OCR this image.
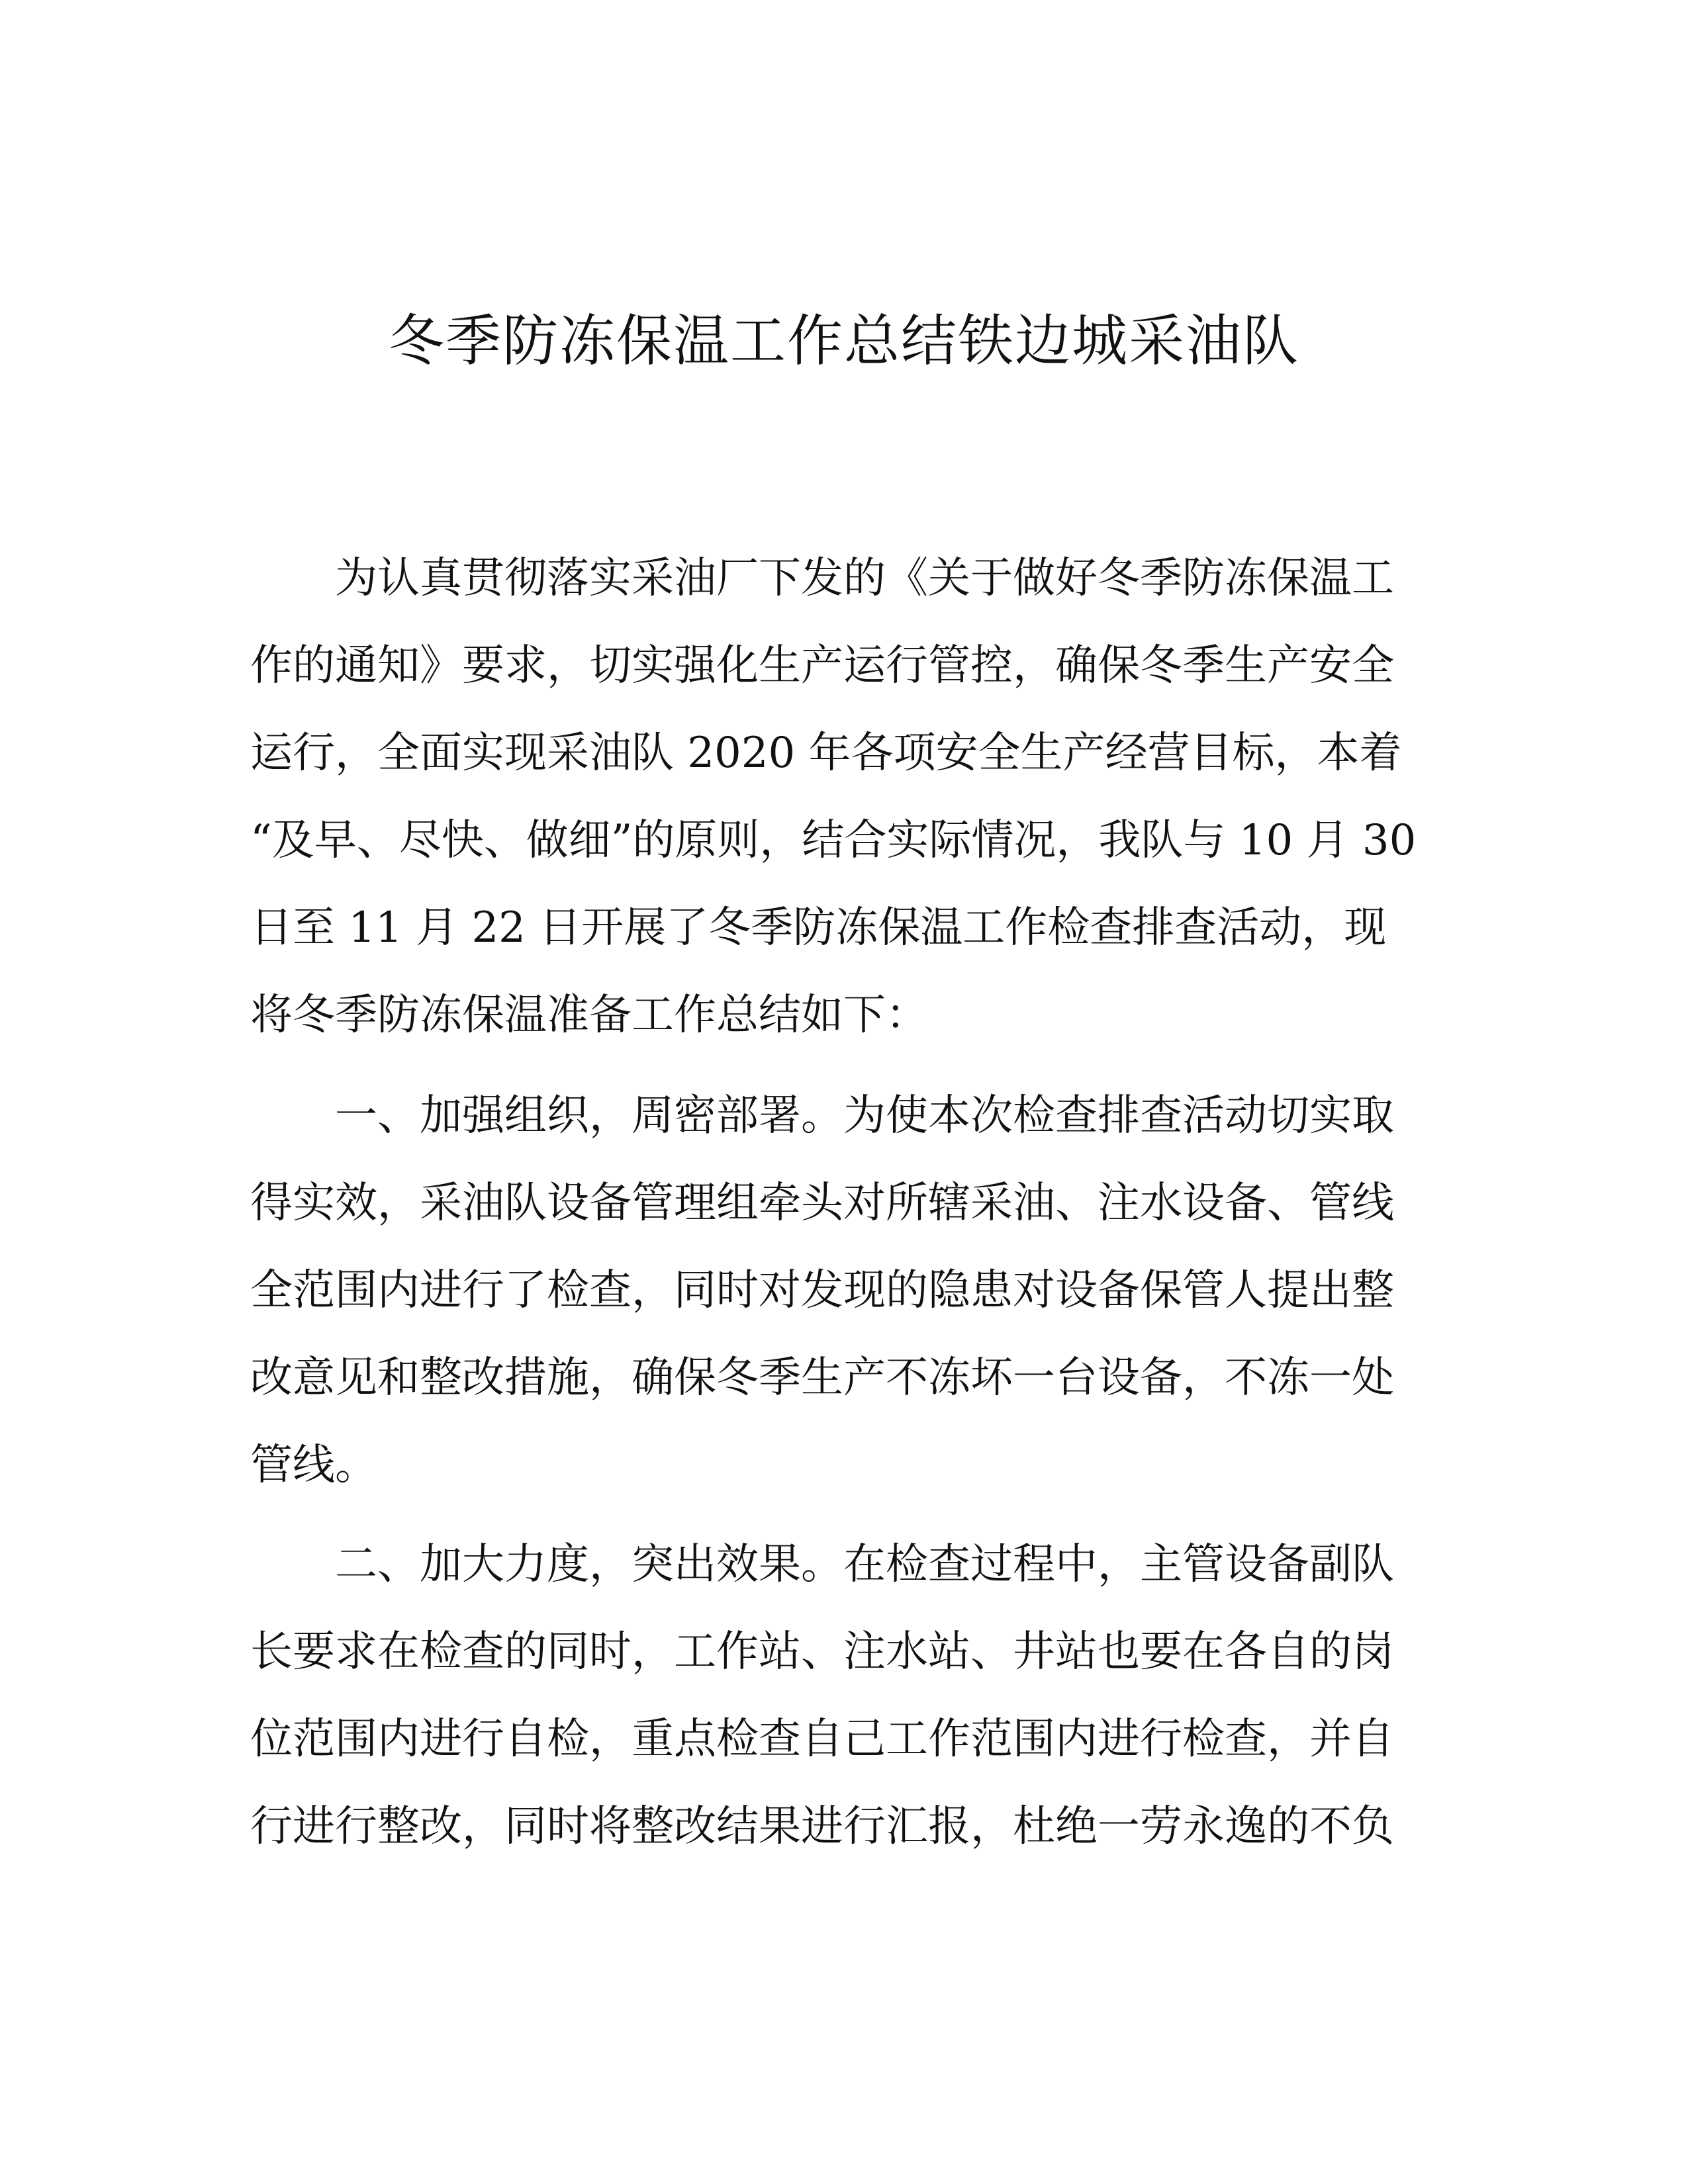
冬季防冻保温工作总结铁边城采油队
为认真贯彻落实采油厂下发的《关于做好冬季防冻保温工
作的通知》要求，切实强化生产运行管控，确保冬季生产安全
运行，全面实现采油队 2020 年各项安全生产经营目标，本着
“及早、尽快、做细”的原则，结合实际情况，我队与 10 月 30
日至 11 月 22 日开展了冬季防冻保温工作检查排查活动，现
将冬季防冻保温准备工作总结如下：
一、加强组织，周密部署。为使本次检查排查活动切实取
得实效，采油队设备管理组牵头对所辖采油、注水设备、管线
全范围内进行了检查，同时对发现的隐患对设备保管人提出整
改意见和整改措施，确保冬季生产不冻坏一台设备，不冻一处
管线。
二、加大力度，突出效果。在检查过程中，主管设备副队
长要求在检查的同时，工作站、注水站、井站也要在各自的岗
位范围内进行自检，重点检查自己工作范围内进行检查，并自
行进行整改，同时将整改结果进行汇报，杜绝一劳永逸的不负
